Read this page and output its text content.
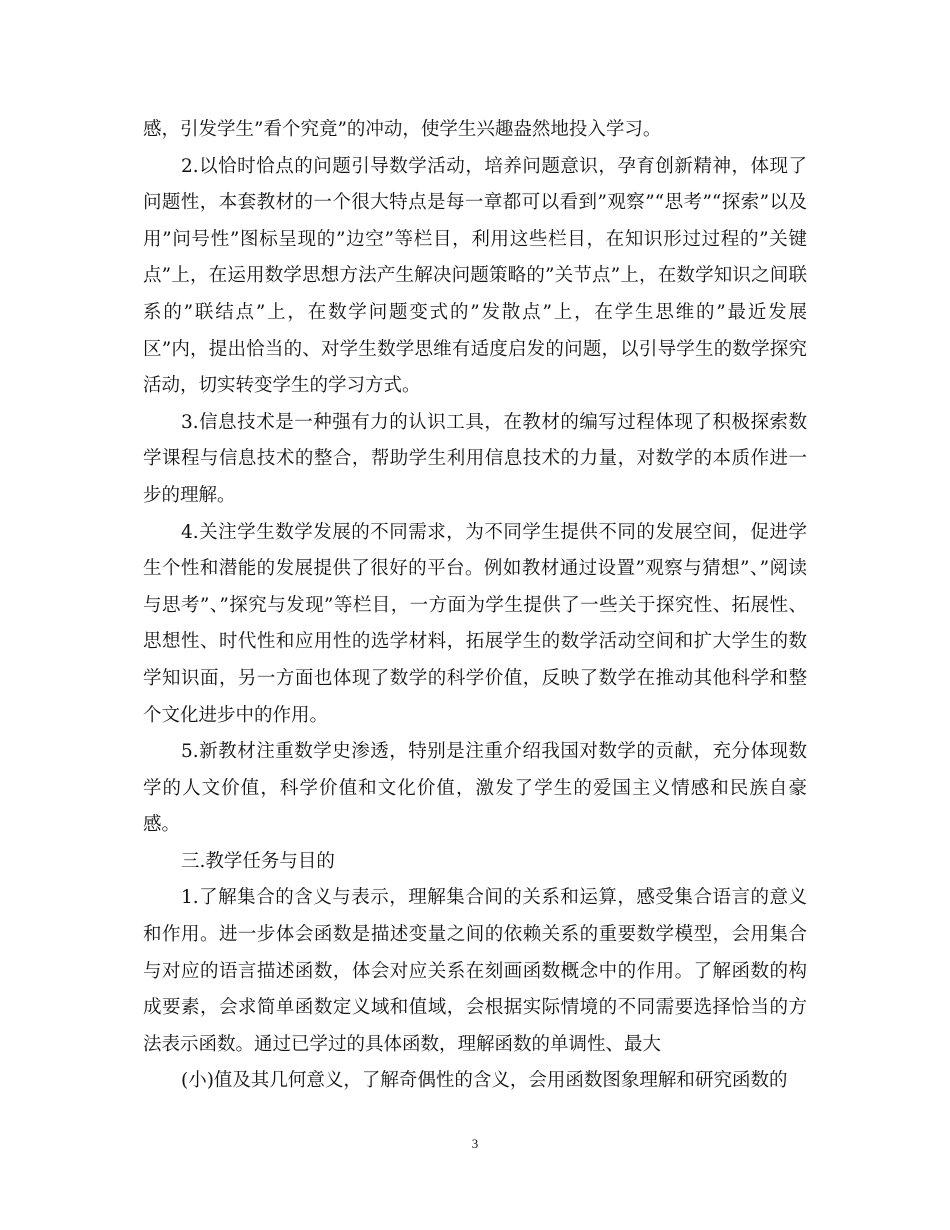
感，引发学生”看个究竟”的冲动，使学生兴趣盎然地投入学习。

2.以恰时恰点的问题引导数学活动，培养问题意识，孕育创新精神，体现了问题性，本套教材的一个很大特点是每一章都可以看到”观察”“思考”“探索”以及用”问号性”图标呈现的”边空”等栏目，利用这些栏目，在知识形过过程的”关键点”上，在运用数学思想方法产生解决问题策略的”关节点”上，在数学知识之间联系的”联结点”上，在数学问题变式的”发散点”上，在学生思维的”最近发展区”内，提出恰当的、对学生数学思维有适度启发的问题，以引导学生的数学探究活动，切实转变学生的学习方式。

3.信息技术是一种强有力的认识工具，在教材的编写过程体现了积极探索数学课程与信息技术的整合，帮助学生利用信息技术的力量，对数学的本质作进一步的理解。

4.关注学生数学发展的不同需求，为不同学生提供不同的发展空间，促进学生个性和潜能的发展提供了很好的平台。例如教材通过设置”观察与猜想”、”阅读与思考”、”探究与发现”等栏目，一方面为学生提供了一些关于探究性、拓展性、思想性、时代性和应用性的选学材料，拓展学生的数学活动空间和扩大学生的数学知识面，另一方面也体现了数学的科学价值，反映了数学在推动其他科学和整个文化进步中的作用。

5.新教材注重数学史渗透，特别是注重介绍我国对数学的贡献，充分体现数学的人文价值，科学价值和文化价值，激发了学生的爱国主义情感和民族自豪感。

三.教学任务与目的

1.了解集合的含义与表示，理解集合间的关系和运算，感受集合语言的意义和作用。进一步体会函数是描述变量之间的依赖关系的重要数学模型，会用集合与对应的语言描述函数，体会对应关系在刻画函数概念中的作用。了解函数的构成要素，会求简单函数定义域和值域，会根据实际情境的不同需要选择恰当的方法表示函数。通过已学过的具体函数，理解函数的单调性、最大

(小)值及其几何意义，了解奇偶性的含义，会用函数图象理解和研究函数的

3
